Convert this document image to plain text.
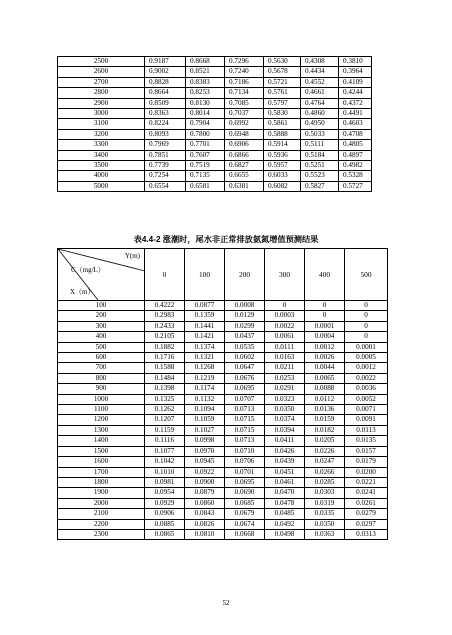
2500	0.9187	0.8668	0.7296	0.5630	0.4308	0.3810
2600	0.9002	0.8521	0.7240	0.5678	0.4434	0.3964
2700	0.8828	0.8383	0.7186	0.5721	0.4552	0.4109
2800	0.8664	0.8253	0.7134	0.5761	0.4661	0.4244
2900	0.8509	0.8130	0.7085	0.5797	0.4764	0.4372
3000	0.8363	0.8014	0.7037	0.5830	0.4860	0.4491
3100	0.8224	0.7904	0.6992	0.5861	0.4950	0.4603
3200	0.8093	0.7800	0.6948	0.5888	0.5033	0.4708
3300	0.7969	0.7701	0.6906	0.5914	0.5111	0.4805
3400	0.7851	0.7607	0.6866	0.5936	0.5184	0.4897
3500	0.7739	0.7519	0.6827	0.5957	0.5251	0.4982
4000	0.7254	0.7135	0.6655	0.6033	0.5523	0.5328
5000	0.6554	0.6581	0.6381	0.6082	0.5827	0.5727
表4.4-2 涨潮时，尾水非正常排放氨氮增值预测结果
Y(m)
C（mg/L）
X（m）	0	100	200	300	400	500
100	0.4222	0.0877	0.0008	0	0	0
200	0.2983	0.1359	0.0129	0.0003	0	0
300	0.2433	0.1441	0.0299	0.0022	0.0001	0
400	0.2105	0.1421	0.0437	0.0061	0.0004	0
500	0.1882	0.1374	0.0535	0.0111	0.0012	0.0001
600	0.1716	0.1321	0.0602	0.0163	0.0026	0.0005
700	0.1588	0.1268	0.0647	0.0211	0.0044	0.0012
800	0.1484	0.1219	0.0676	0.0253	0.0065	0.0022
900	0.1398	0.1174	0.0695	0.0291	0.0088	0.0036
1000	0.1325	0.1132	0.0707	0.0323	0.0112	0.0052
1100	0.1262	0.1094	0.0713	0.0350	0.0136	0.0071
1200	0.1207	0.1059	0.0715	0.0374	0.0159	0.0091
1300	0.1159	0.1027	0.0715	0.0394	0.0182	0.0113
1400	0.1116	0.0998	0.0713	0.0411	0.0205	0.0135
1500	0.1077	0.0970	0.0710	0.0426	0.0226	0.0157
1600	0.1042	0.0945	0.0706	0.0439	0.0247	0.0179
1700	0.1010	0.0922	0.0701	0.0451	0.0266	0.0200
1800	0.0981	0.0900	0.0695	0.0461	0.0285	0.0221
1900	0.0954	0.0879	0.0690	0.0470	0.0303	0.0241
2000	0.0929	0.0860	0.0685	0.0478	0.0319	0.0261
2100	0.0906	0.0843	0.0679	0.0485	0.0335	0.0279
2200	0.0885	0.0826	0.0674	0.0492	0.0350	0.0297
2300	0.0865	0.0810	0.0668	0.0498	0.0363	0.0313
52
